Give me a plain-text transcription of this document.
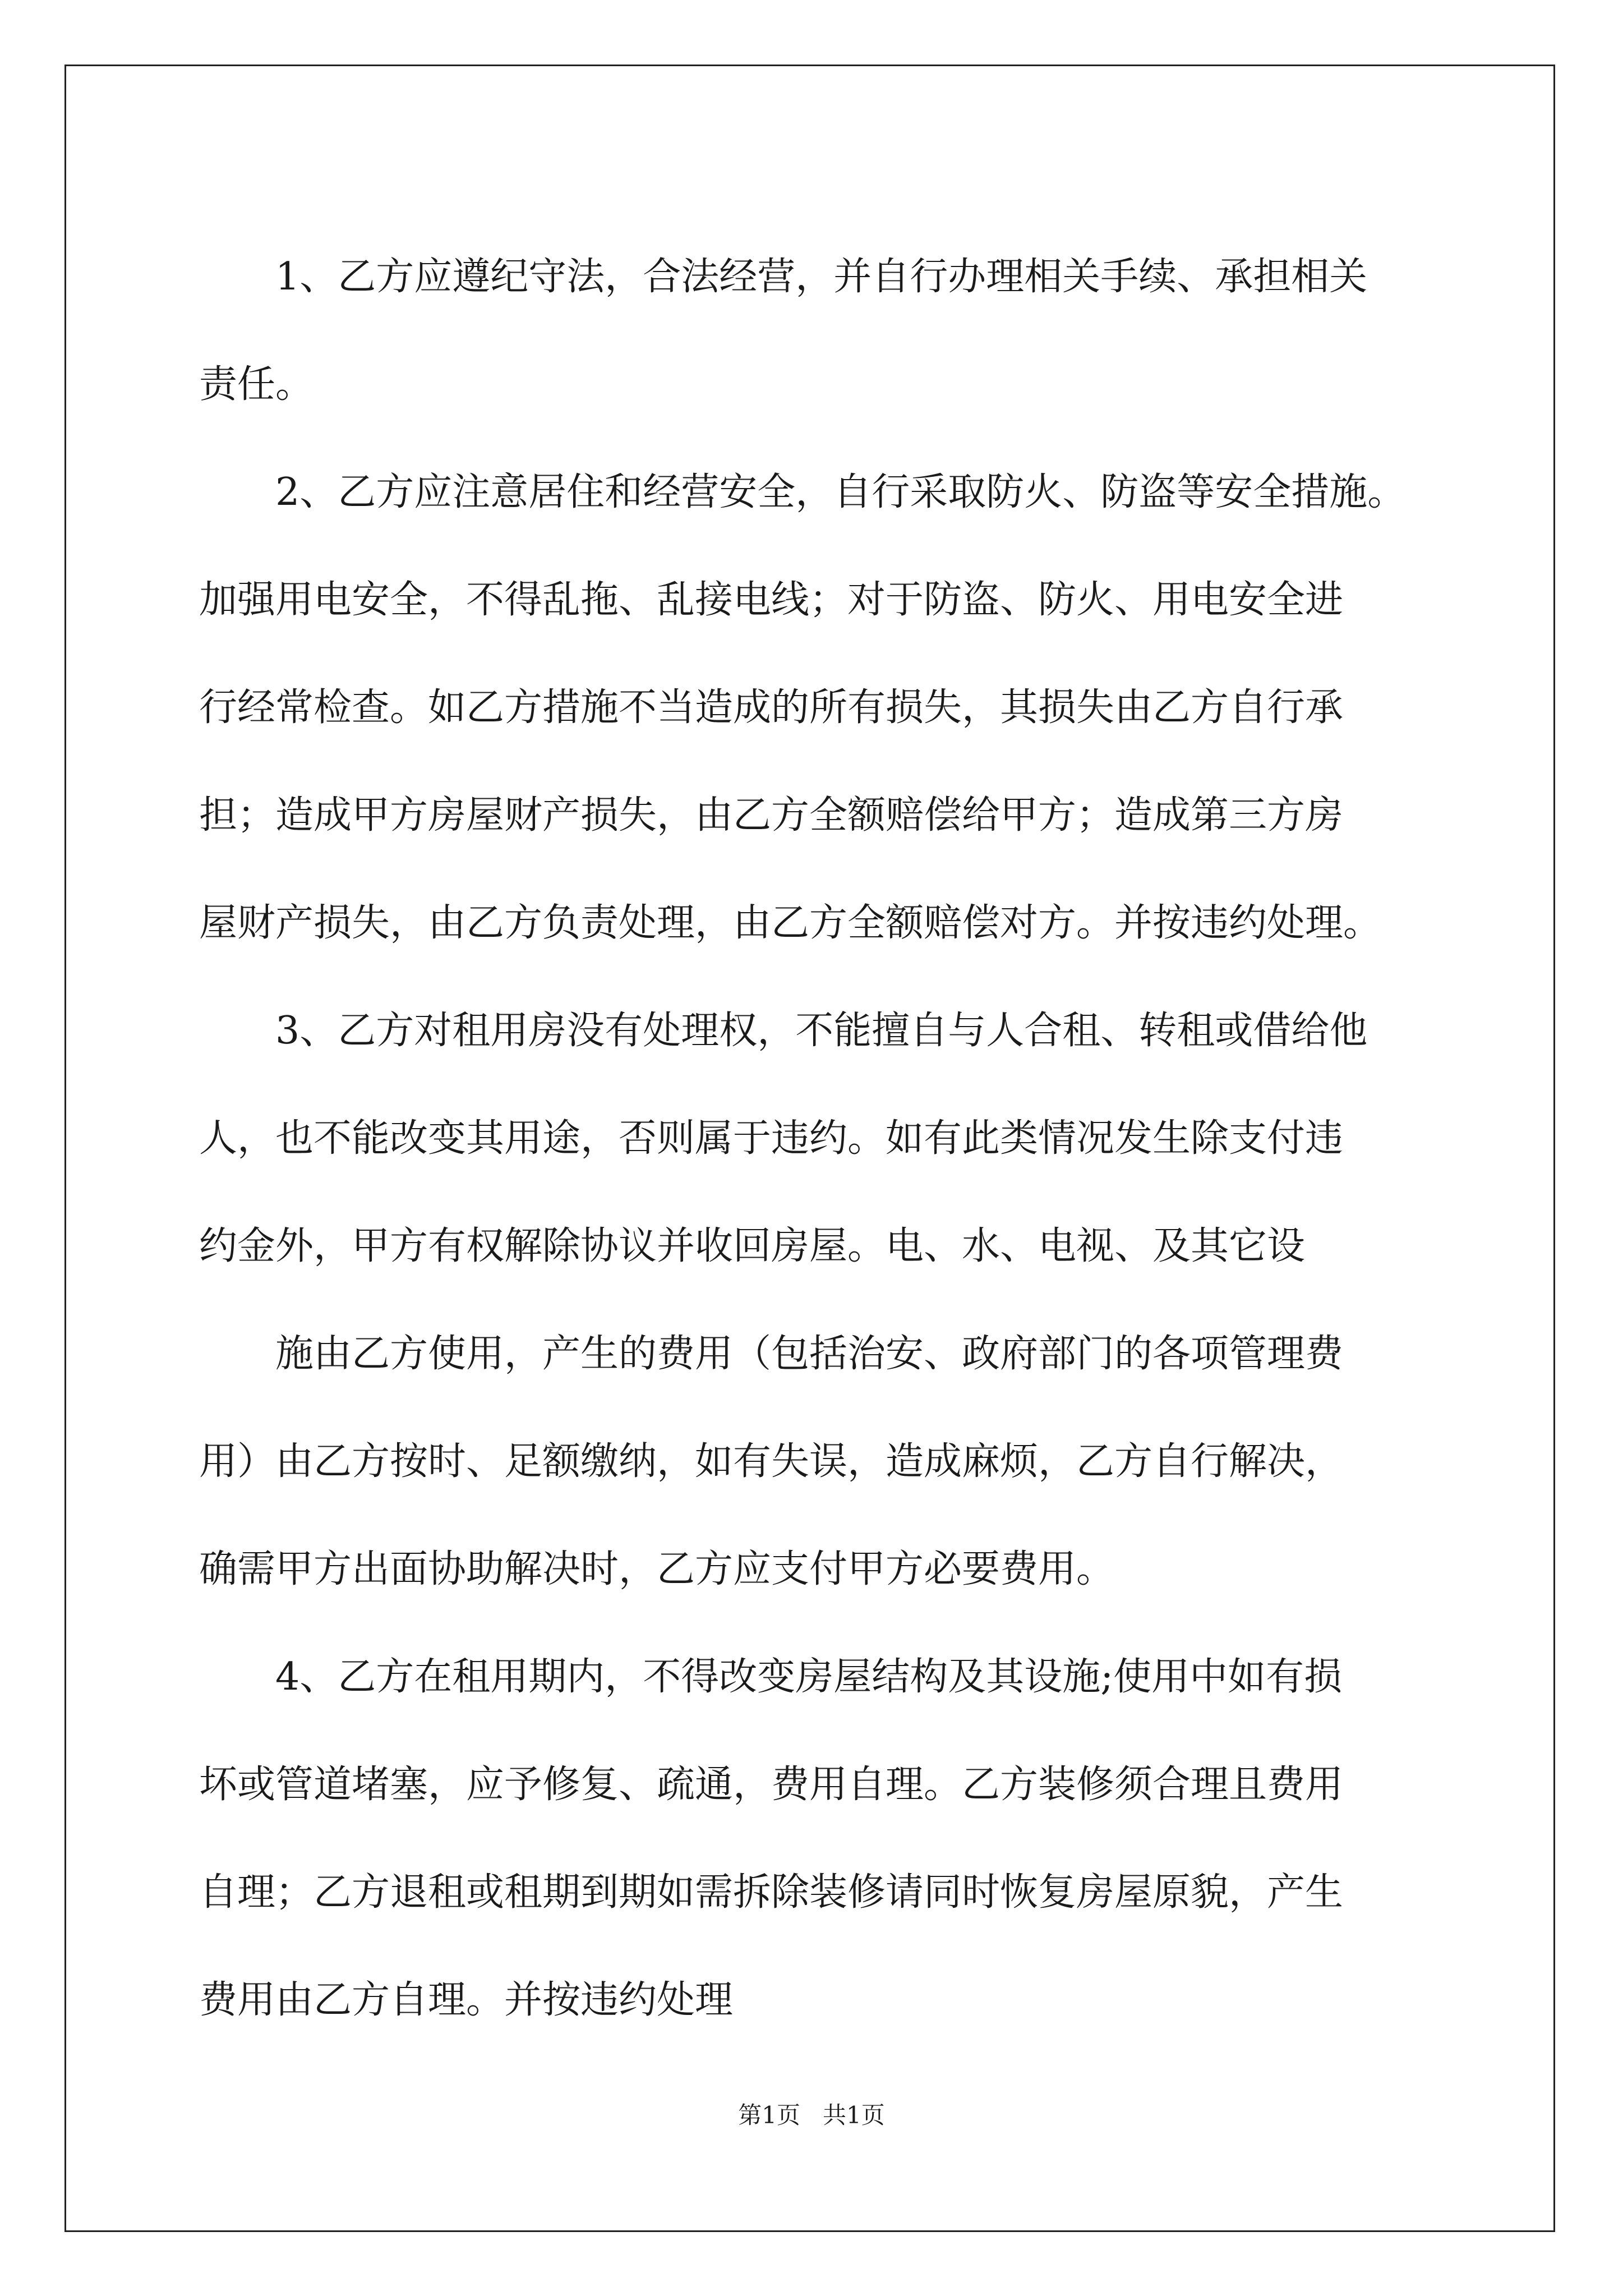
1、乙方应遵纪守法，合法经营，并自行办理相关手续、承担相关
责任。
2、乙方应注意居住和经营安全，自行采取防火、防盗等安全措施。
加强用电安全，不得乱拖、乱接电线；对于防盗、防火、用电安全进
行经常检查。如乙方措施不当造成的所有损失，其损失由乙方自行承
担；造成甲方房屋财产损失，由乙方全额赔偿给甲方；造成第三方房
屋财产损失，由乙方负责处理，由乙方全额赔偿对方。并按违约处理。
3、乙方对租用房没有处理权，不能擅自与人合租、转租或借给他
人，也不能改变其用途，否则属于违约。如有此类情况发生除支付违
约金外，甲方有权解除协议并收回房屋。电、水、电视、及其它设
施由乙方使用，产生的费用（包括治安、政府部门的各项管理费
用）由乙方按时、足额缴纳，如有失误，造成麻烦，乙方自行解决，
确需甲方出面协助解决时，乙方应支付甲方必要费用。
4、乙方在租用期内，不得改变房屋结构及其设施;使用中如有损
坏或管道堵塞，应予修复、疏通，费用自理。乙方装修须合理且费用
自理；乙方退租或租期到期如需拆除装修请同时恢复房屋原貌，产生
费用由乙方自理。并按违约处理
第1页 共1页
